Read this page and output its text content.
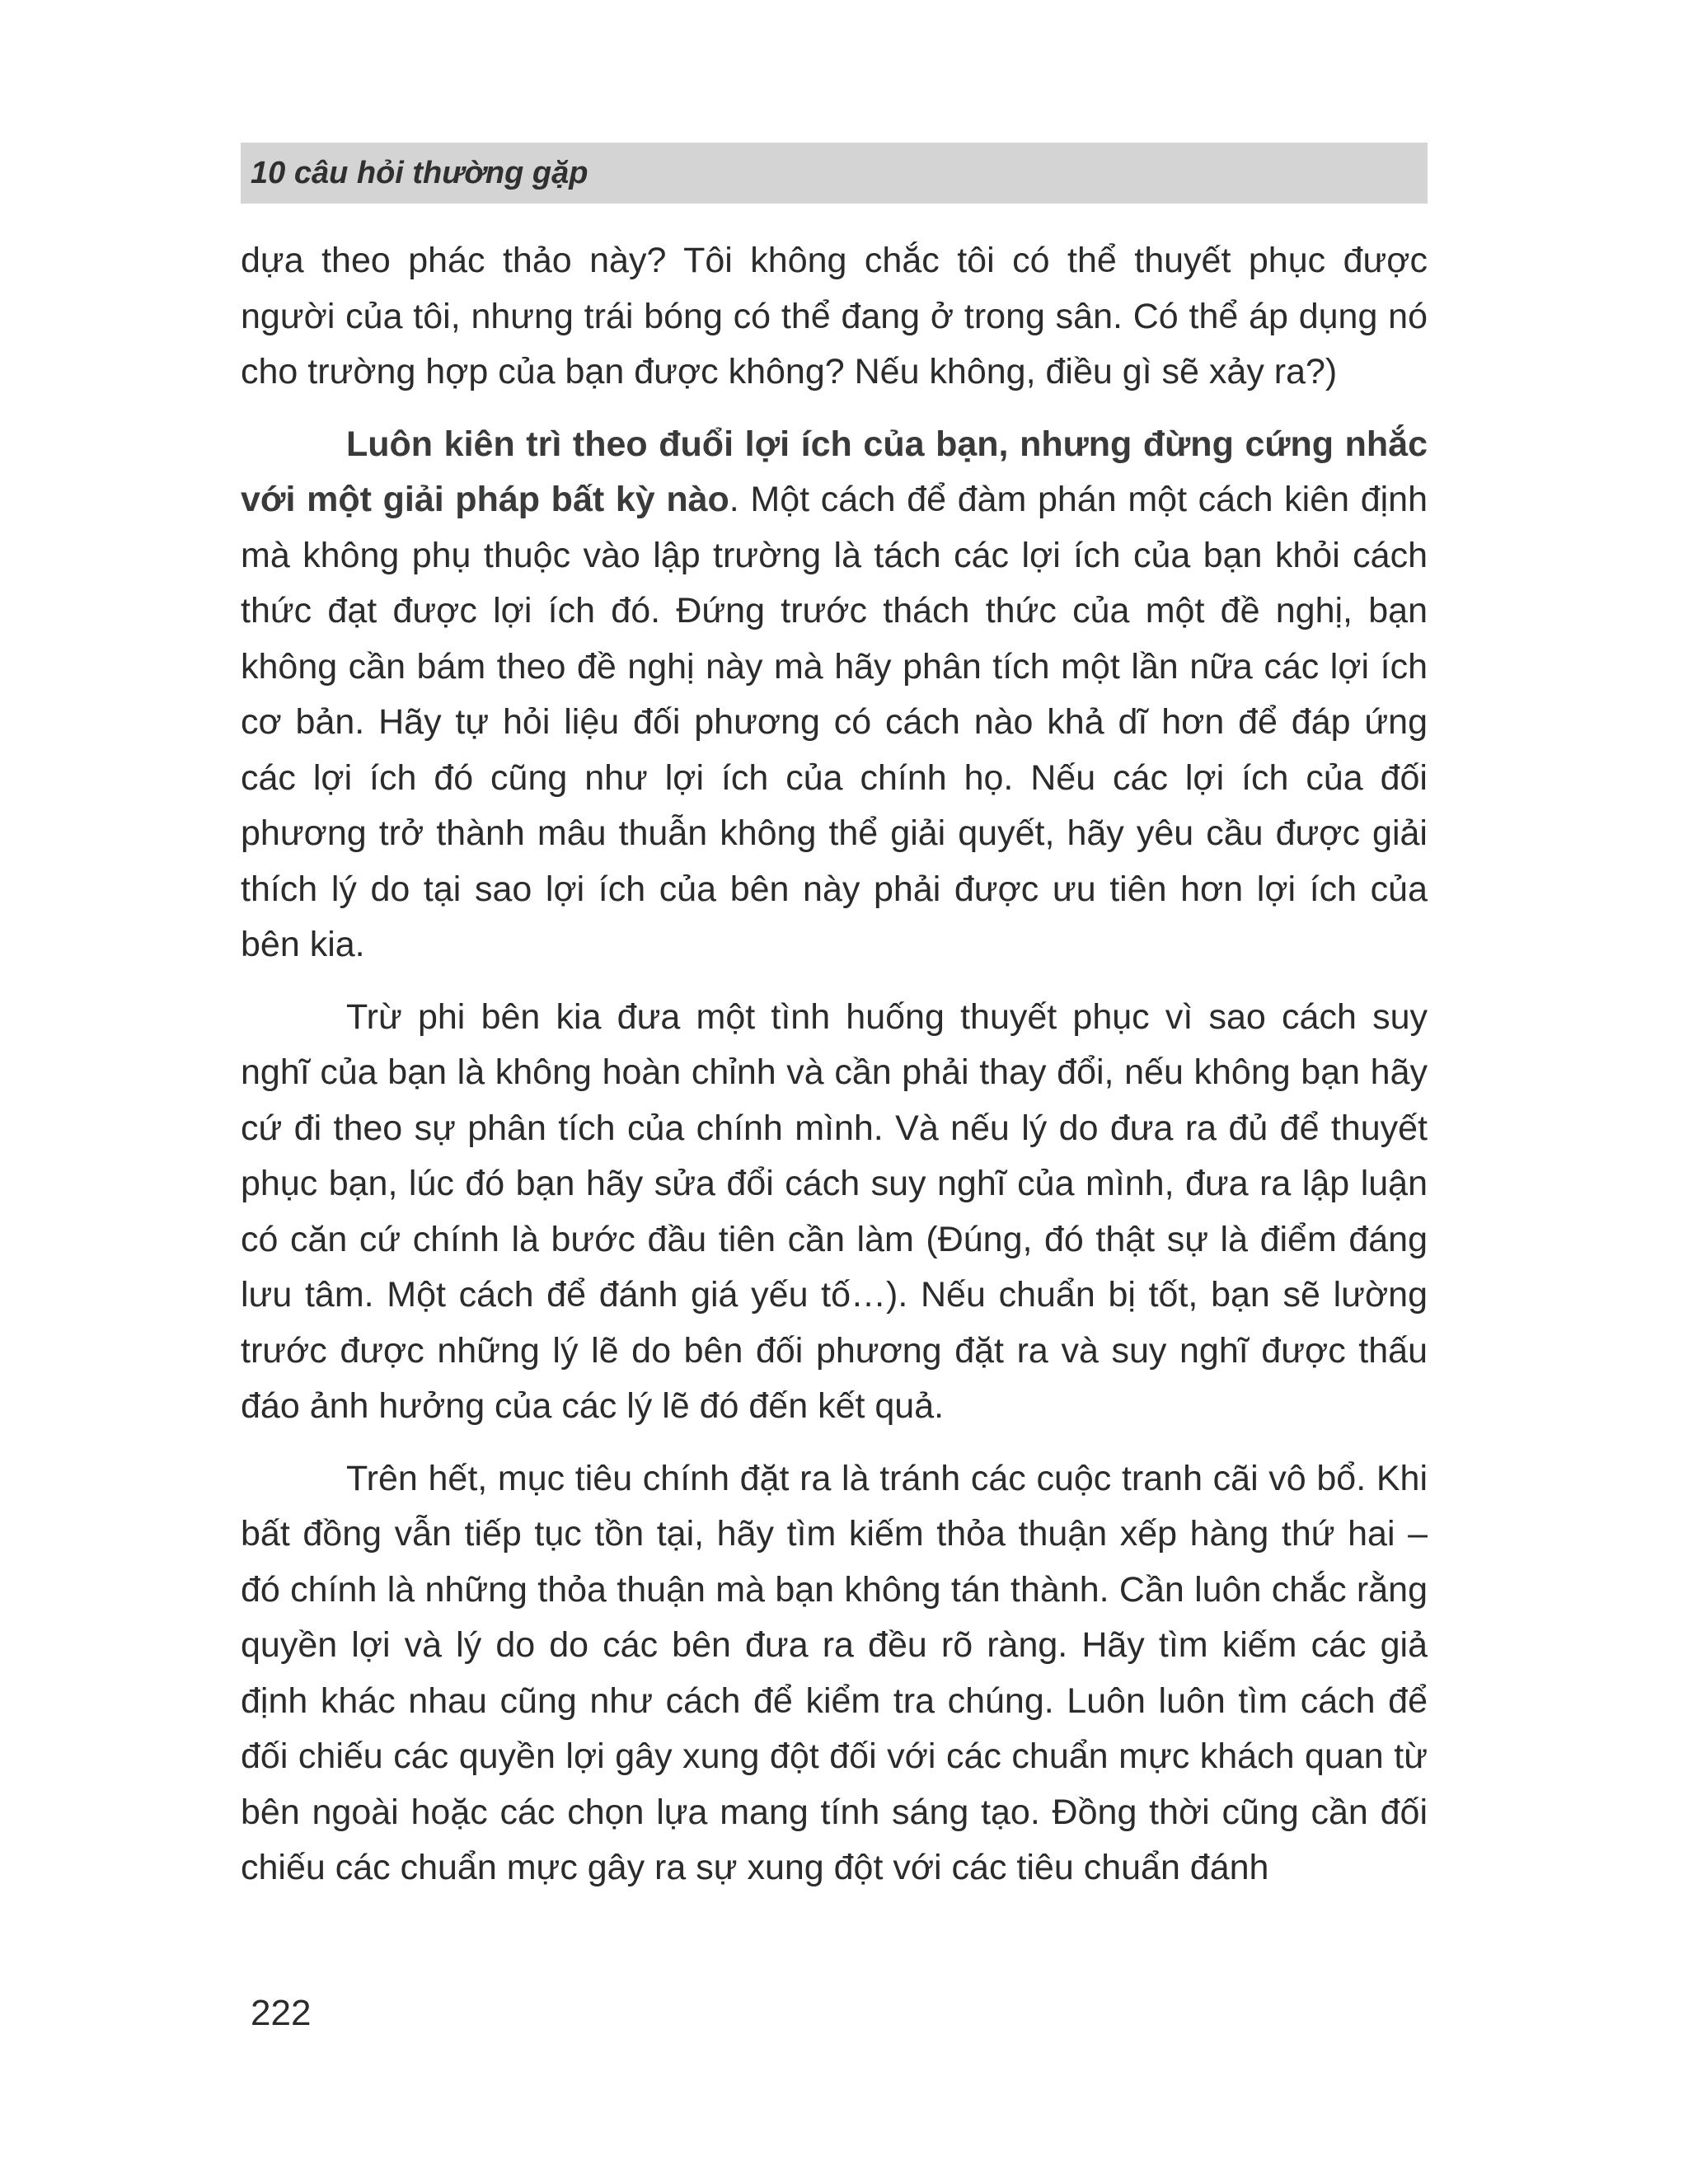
10 câu hỏi thường gặp

dựa theo phác thảo này? Tôi không chắc tôi có thể thuyết phục được người của tôi, nhưng trái bóng có thể đang ở trong sân. Có thể áp dụng nó cho trường hợp của bạn được không? Nếu không, điều gì sẽ xảy ra?)

Luôn kiên trì theo đuổi lợi ích của bạn, nhưng đừng cứng nhắc với một giải pháp bất kỳ nào. Một cách để đàm phán một cách kiên định mà không phụ thuộc vào lập trường là tách các lợi ích của bạn khỏi cách thức đạt được lợi ích đó. Đứng trước thách thức của một đề nghị, bạn không cần bám theo đề nghị này mà hãy phân tích một lần nữa các lợi ích cơ bản. Hãy tự hỏi liệu đối phương có cách nào khả dĩ hơn để đáp ứng các lợi ích đó cũng như lợi ích của chính họ. Nếu các lợi ích của đối phương trở thành mâu thuẫn không thể giải quyết, hãy yêu cầu được giải thích lý do tại sao lợi ích của bên này phải được ưu tiên hơn lợi ích của bên kia.

Trừ phi bên kia đưa một tình huống thuyết phục vì sao cách suy nghĩ của bạn là không hoàn chỉnh và cần phải thay đổi, nếu không bạn hãy cứ đi theo sự phân tích của chính mình. Và nếu lý do đưa ra đủ để thuyết phục bạn, lúc đó bạn hãy sửa đổi cách suy nghĩ của mình, đưa ra lập luận có căn cứ chính là bước đầu tiên cần làm (Đúng, đó thật sự là điểm đáng lưu tâm. Một cách để đánh giá yếu tố…). Nếu chuẩn bị tốt, bạn sẽ lường trước được những lý lẽ do bên đối phương đặt ra và suy nghĩ được thấu đáo ảnh hưởng của các lý lẽ đó đến kết quả.

Trên hết, mục tiêu chính đặt ra là tránh các cuộc tranh cãi vô bổ. Khi bất đồng vẫn tiếp tục tồn tại, hãy tìm kiếm thỏa thuận xếp hàng thứ hai – đó chính là những thỏa thuận mà bạn không tán thành. Cần luôn chắc rằng quyền lợi và lý do do các bên đưa ra đều rõ ràng. Hãy tìm kiếm các giả định khác nhau cũng như cách để kiểm tra chúng. Luôn luôn tìm cách để đối chiếu các quyền lợi gây xung đột đối với các chuẩn mực khách quan từ bên ngoài hoặc các chọn lựa mang tính sáng tạo. Đồng thời cũng cần đối chiếu các chuẩn mực gây ra sự xung đột với các tiêu chuẩn đánh

222
